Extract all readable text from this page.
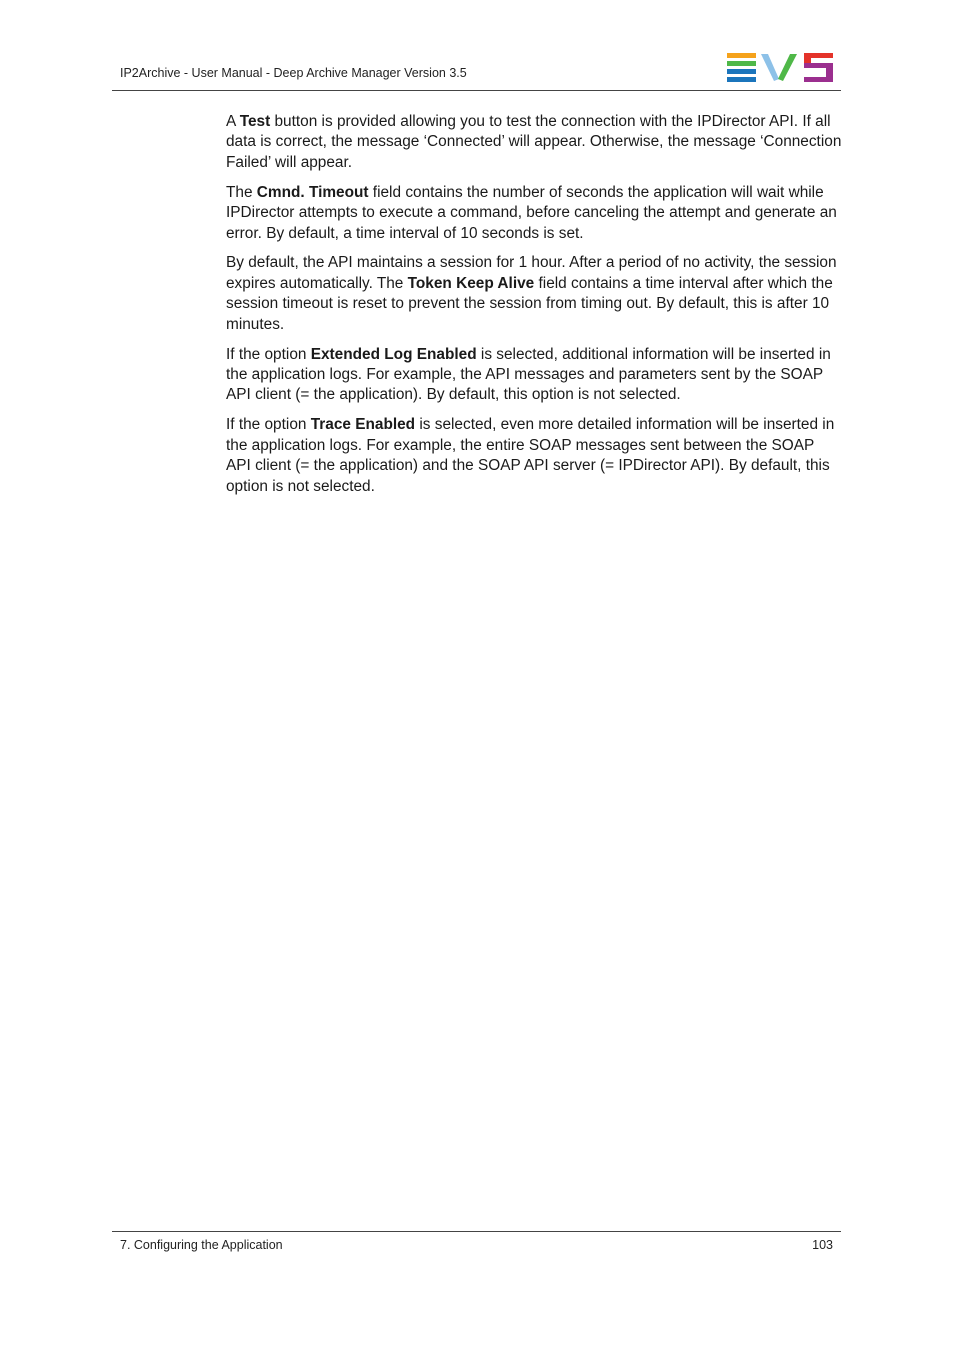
IP2Archive - User Manual - Deep Archive Manager Version 3.5

A Test button is provided allowing you to test the connection with the IPDirector API. If all data is correct, the message ‘Connected’ will appear. Otherwise, the message ‘Connection Failed’ will appear.

The Cmnd. Timeout field contains the number of seconds the application will wait while IPDirector attempts to execute a command, before canceling the attempt and generate an error. By default, a time interval of 10 seconds is set.

By default, the API maintains a session for 1 hour. After a period of no activity, the session expires automatically. The Token Keep Alive field contains a time interval after which the session timeout is reset to prevent the session from timing out. By default, this is after 10 minutes.

If the option Extended Log Enabled is selected, additional information will be inserted in the application logs. For example, the API messages and parameters sent by the SOAP API client (= the application). By default, this option is not selected.

If the option Trace Enabled is selected, even more detailed information will be inserted in the application logs. For example, the entire SOAP messages sent between the SOAP API client (= the application) and the SOAP API server (= IPDirector API). By default, this option is not selected.

7. Configuring the Application	103
